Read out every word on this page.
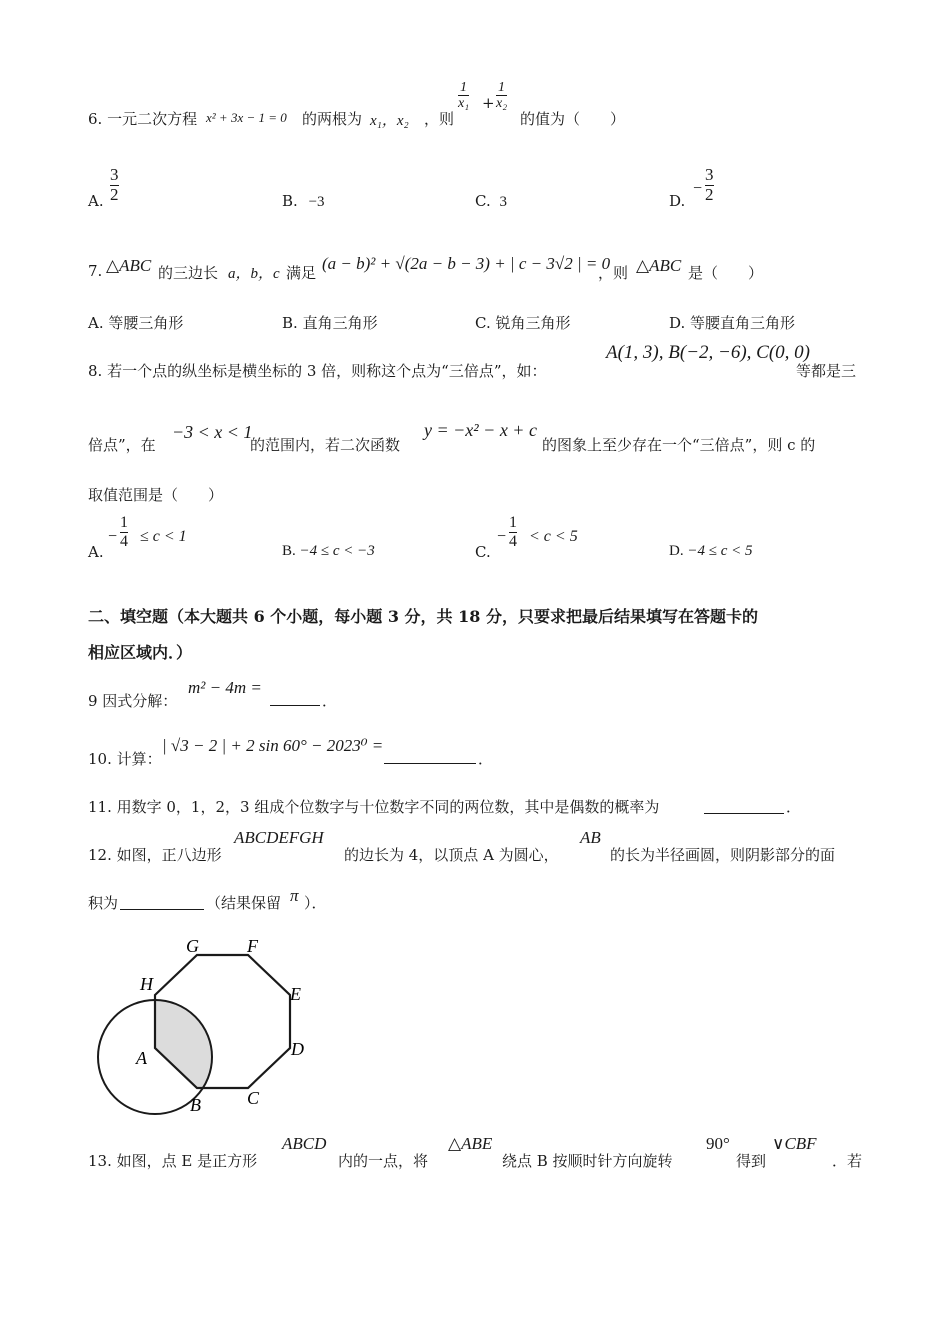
6. 一元二次方程 x² + 3x − 1 = 0 的两根为 x₁，x₂ ，则
$\frac{1}{\text{x₁}} + \frac{1}{\text{x₂}}$
的值为（　　）
A. $\frac{3}{2}$	B. −3	C. 3	D.
− $\frac{3}{2}$
7. △ABC 的三边长 a，b，c 满足 (a − b)² + √(2a − b − 3) + | c − 3√2 | = 0
，则 △ABC 是（　　）
A. 等腰三角形	B. 直角三角形	C. 锐角三角形	D. 等腰直角三角形
8. 若一个点的纵坐标是横坐标的 3 倍，则称这个点为“三倍点”，如：
A(1, 3), B(−2, −6), C(0, 0)
等都是三
倍点”，在
−3 < x < 1
的范围内，若二次函数
y = −x² − x + c
的图象上至少存在一个“三倍点”，则 c 的
取值范围是（　　）
A.
− $\frac{1}{4} \le c < 1$
B. −4 ≤ c < −3	C.
− $\frac{1}{4} < c < 5$
D. −4 ≤ c < 5
二、填空题（本大题共 6 个小题，每小题 3 分，共 18 分，只要求把最后结果填写在答题卡的
相应区域内．）
9 因式分解：
m² − 4m =
．
10. 计算：
| √3 − 2 | + 2 sin 60° − 2023⁰ =
．
11. 用数字 0，1，2，3 组成个位数字与十位数字不同的两位数，其中是偶数的概率为	．
12. 如图，正八边形
ABCDEFGH
的边长为 4，以顶点 A 为圆心，
AB
的长为半径画圆，则阴影部分的面
积为	（结果保留 π ）．
G	F
H	E
A	D
B	C
13. 如图，点 E 是正方形
ABCD
内的一点，将
△ABE
绕点 B 按顺时针方向旋转
90°
得到
∨CBF
．若
